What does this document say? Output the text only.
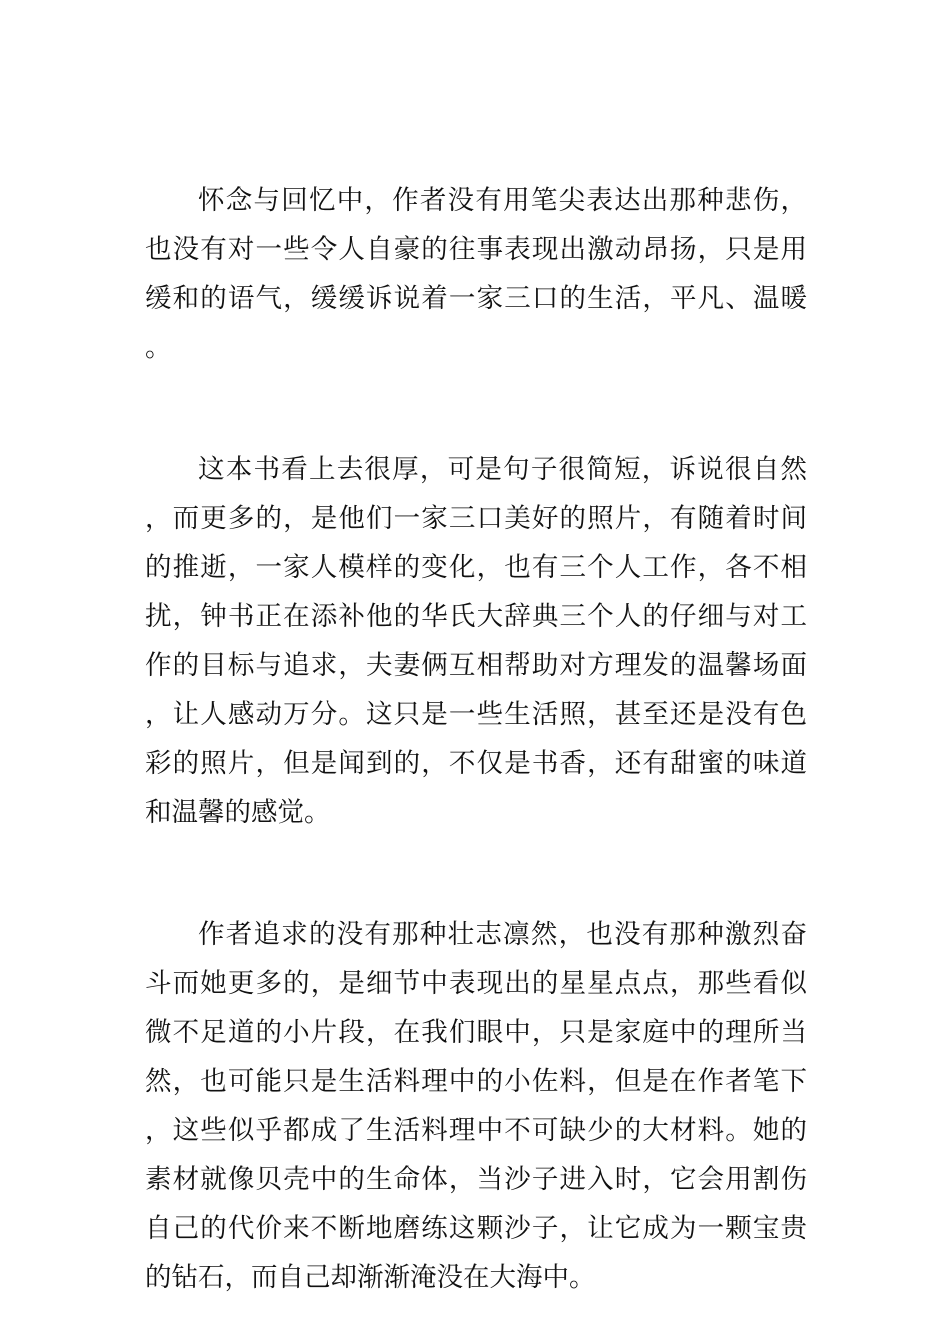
怀念与回忆中，作者没有用笔尖表达出那种悲伤，也没有对一些令人自豪的往事表现出激动昂扬，只是用缓和的语气，缓缓诉说着一家三口的生活，平凡、温暖。

这本书看上去很厚，可是句子很简短，诉说很自然，而更多的，是他们一家三口美好的照片，有随着时间的推逝，一家人模样的变化，也有三个人工作，各不相扰，钟书正在添补他的华氏大辞典三个人的仔细与对工作的目标与追求，夫妻俩互相帮助对方理发的温馨场面，让人感动万分。这只是一些生活照，甚至还是没有色彩的照片，但是闻到的，不仅是书香，还有甜蜜的味道和温馨的感觉。

作者追求的没有那种壮志凛然，也没有那种激烈奋斗而她更多的，是细节中表现出的星星点点，那些看似微不足道的小片段，在我们眼中，只是家庭中的理所当然，也可能只是生活料理中的小佐料，但是在作者笔下，这些似乎都成了生活料理中不可缺少的大材料。她的素材就像贝壳中的生命体，当沙子进入时，它会用割伤自己的代价来不断地磨练这颗沙子，让它成为一颗宝贵的钻石，而自己却渐渐淹没在大海中。
